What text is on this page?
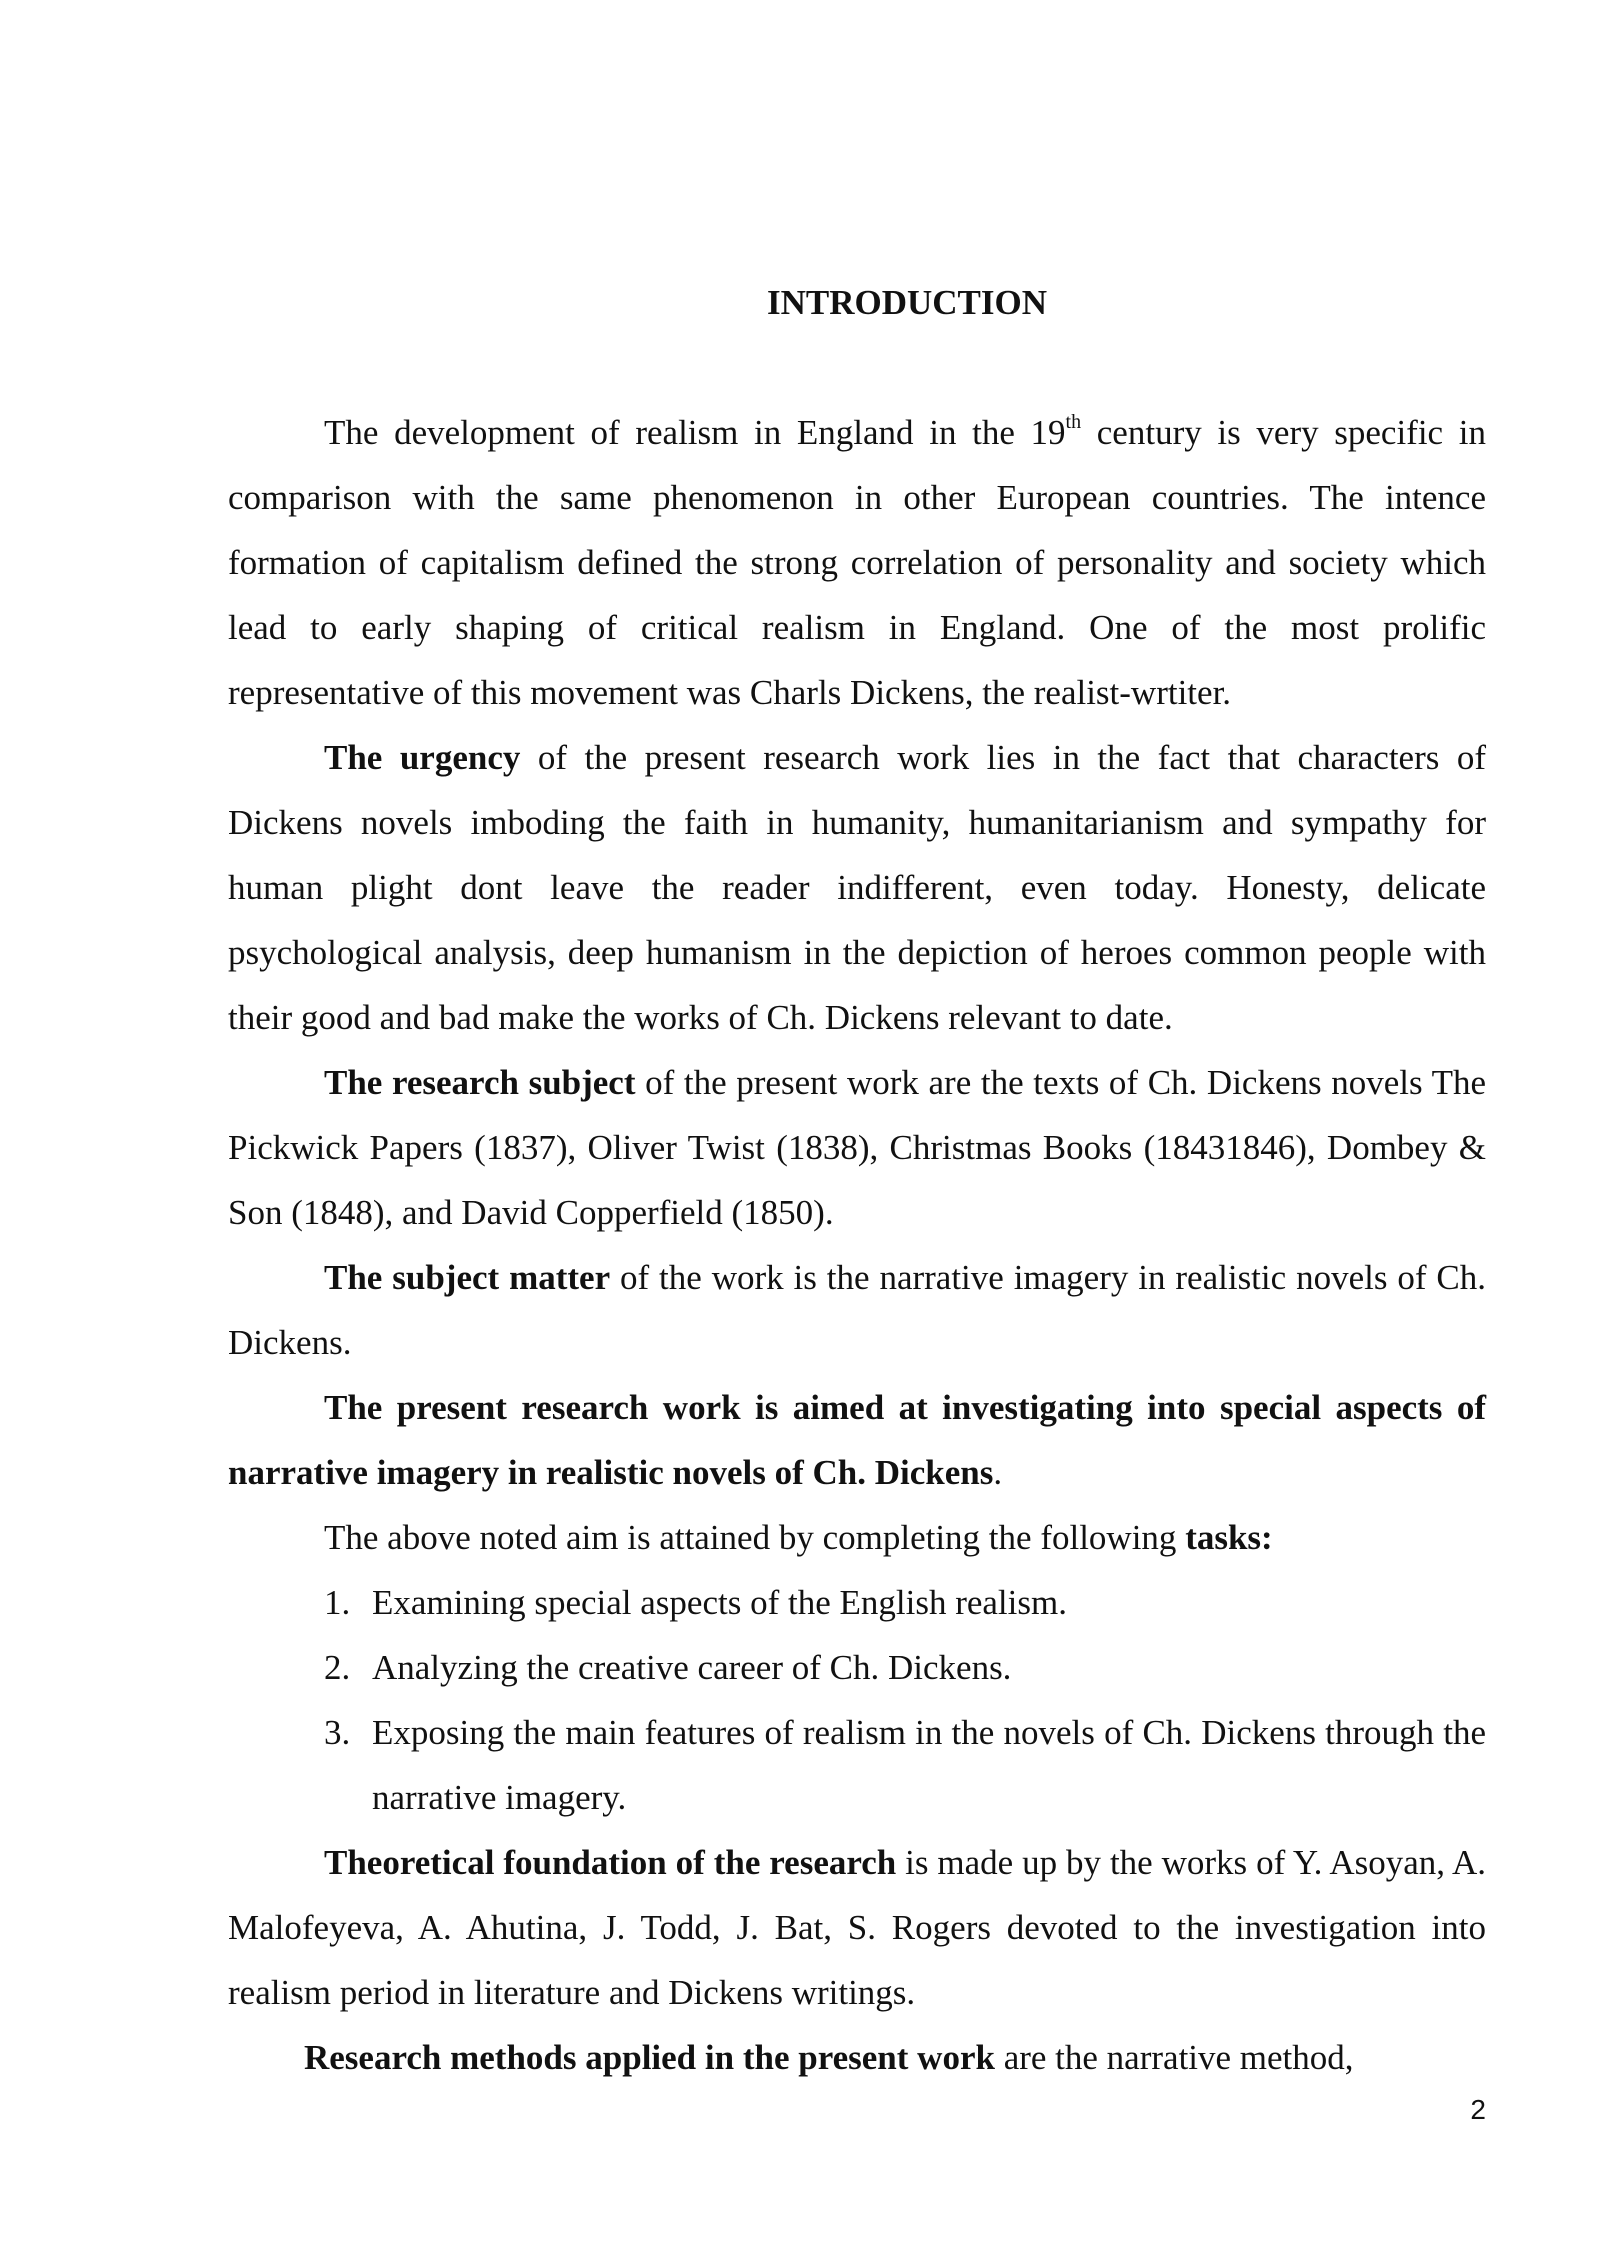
INTRODUCTION

The development of realism in England in the 19th century is very specific in comparison with the same phenomenon in other European countries. The intence formation of capitalism defined the strong correlation of personality and society which lead to early shaping of critical realism in England. One of the most prolific representative of this movement was Charls Dickens, the realist-wrtiter.

The urgency of the present research work lies in the fact that characters of Dickens novels imboding the faith in humanity, humanitarianism and sympathy for human plight dont leave the reader indifferent, even today. Honesty, delicate psychological analysis, deep humanism in the depiction of heroes common people with their good and bad make the works of Ch. Dickens relevant to date.

The research subject of the present work are the texts of Ch. Dickens novels The Pickwick Papers (1837), Oliver Twist (1838), Christmas Books (18431846), Dombey & Son (1848), and David Copperfield (1850).

The subject matter of the work is the narrative imagery in realistic novels of Ch. Dickens.

The present research work is aimed at investigating into special aspects of narrative imagery in realistic novels of Ch. Dickens.

The above noted aim is attained by completing the following tasks:

1. Examining special aspects of the English realism.
2. Analyzing the creative career of Ch. Dickens.
3. Exposing the main features of realism in the novels of Ch. Dickens through the narrative imagery.

Theoretical foundation of the research is made up by the works of Y. Asoyan, A. Malofeyeva, A. Ahutina, J. Todd, J. Bat, S. Rogers devoted to the investigation into realism period in literature and Dickens writings.

Research methods applied in the present work are the narrative method,

2
